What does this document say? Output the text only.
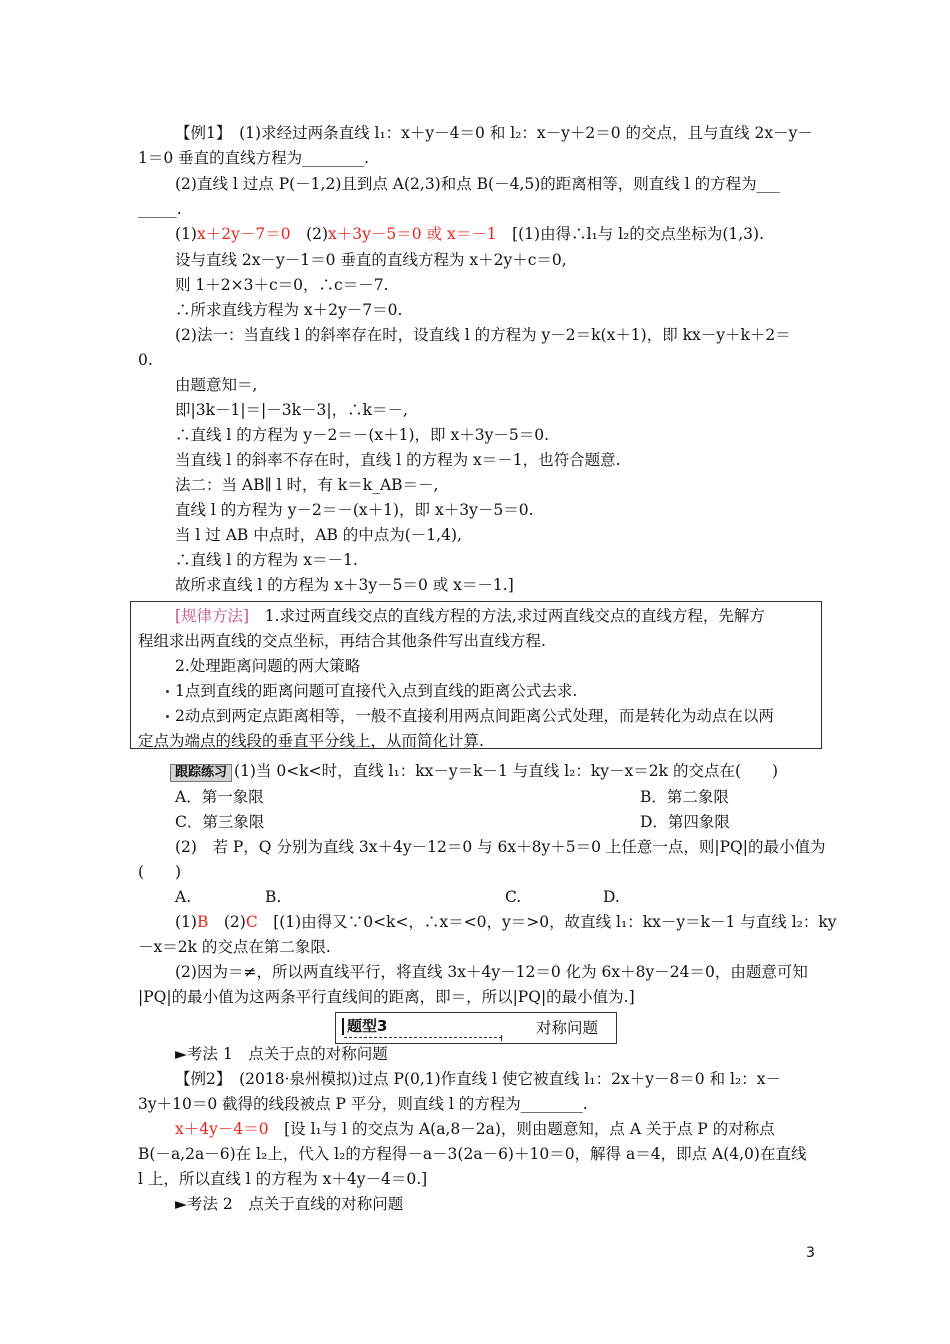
【例1】　(1)求经过两条直线 l₁：x＋y－4＝0 和 l₂：x－y＋2＝0 的交点，且与直线 2x－y－
1＝0 垂直的直线方程为________.
(2)直线 l 过点 P(－1,2)且到点 A(2,3)和点 B(－4,5)的距离相等，则直线 l 的方程为___
_____.
(1)x＋2y－7＝0　(2)x＋3y－5＝0 或 x＝－1　[(1)由得∴l₁与 l₂的交点坐标为(1,3).
设与直线 2x－y－1＝0 垂直的直线方程为 x＋2y＋c＝0,
则 1＋2×3＋c＝0，∴c＝－7.
∴所求直线方程为 x＋2y－7＝0.
(2)法一：当直线 l 的斜率存在时，设直线 l 的方程为 y－2＝k(x＋1)，即 kx－y＋k＋2＝
0.
由题意知＝,
即|3k－1|＝|－3k－3|，∴k＝－,
∴直线 l 的方程为 y－2＝－(x＋1)，即 x＋3y－5＝0.
当直线 l 的斜率不存在时，直线 l 的方程为 x＝－1，也符合题意.
法二：当 AB∥ l 时，有 k＝k_AB＝－,
直线 l 的方程为 y－2＝－(x＋1)，即 x＋3y－5＝0.
当 l 过 AB 中点时，AB 的中点为(－1,4),
∴直线 l 的方程为 x＝－1.
故所求直线 l 的方程为 x＋3y－5＝0 或 x＝－1.]
[规律方法]　1.求过两直线交点的直线方程的方法,求过两直线交点的直线方程，先解方
程组求出两直线的交点坐标，再结合其他条件写出直线方程.
2.处理距离问题的两大策略
1点到直线的距离问题可直接代入点到直线的距离公式去求.
2动点到两定点距离相等，一般不直接利用两点间距离公式处理，而是转化为动点在以两
定点为端点的线段的垂直平分线上，从而简化计算.
跟踪练习 (1)当 0<k<时，直线 l₁：kx－y＝k－1 与直线 l₂：ky－x＝2k 的交点在(　　)
A．第一象限	B．第二象限
C．第三象限	D．第四象限
(2)　若 P，Q 分别为直线 3x＋4y－12＝0 与 6x＋8y＋5＝0 上任意一点，则|PQ|的最小值为
(　　)
A.	B.	C.	D.
(1)B　(2)C　[(1)由得又∵0<k<，∴x＝<0，y＝>0，故直线 l₁：kx－y＝k－1 与直线 l₂：ky
－x＝2k 的交点在第二象限.
(2)因为＝≠，所以两直线平行，将直线 3x＋4y－12＝0 化为 6x＋8y－24＝0，由题意可知
|PQ|的最小值为这两条平行直线间的距离，即＝，所以|PQ|的最小值为.]
题型3	对称问题
►考法 1　点关于点的对称问题
【例2】　(2018·泉州模拟)过点 P(0,1)作直线 l 使它被直线 l₁：2x＋y－8＝0 和 l₂：x－
3y＋10＝0 截得的线段被点 P 平分，则直线 l 的方程为________.
x＋4y－4＝0　[设 l₁与 l 的交点为 A(a,8－2a)，则由题意知，点 A 关于点 P 的对称点
B(－a,2a－6)在 l₂上，代入 l₂的方程得－a－3(2a－6)＋10＝0，解得 a＝4，即点 A(4,0)在直线
l 上，所以直线 l 的方程为 x＋4y－4＝0.]
►考法 2　点关于直线的对称问题
3
